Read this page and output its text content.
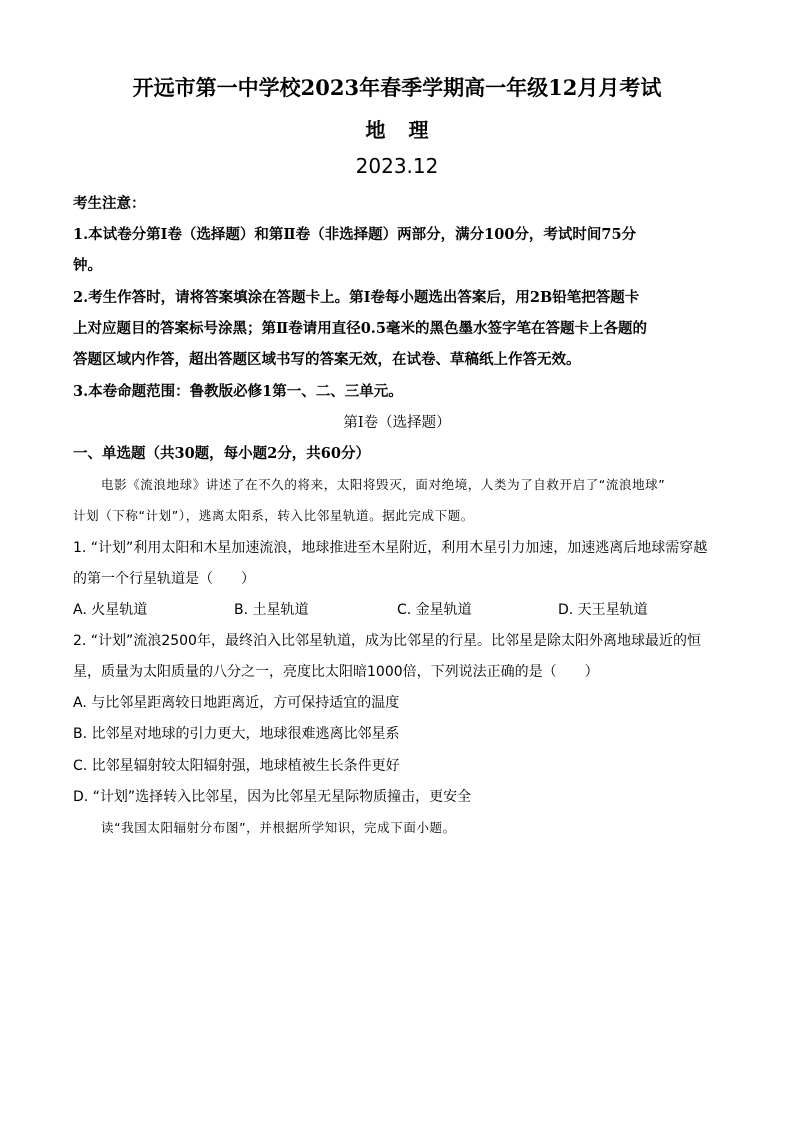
开远市第一中学校2023年春季学期高一年级12月月考试
地 理
2023.12
考生注意：
1.本试卷分第Ⅰ卷（选择题）和第Ⅱ卷（非选择题）两部分，满分100分，考试时间75分
钟。
2.考生作答时，请将答案填涂在答题卡上。第Ⅰ卷每小题选出答案后，用2B铅笔把答题卡
上对应题目的答案标号涂黑；第Ⅱ卷请用直径0.5毫米的黑色墨水签字笔在答题卡上各题的
答题区域内作答，超出答题区域书写的答案无效，在试卷、草稿纸上作答无效。
3.本卷命题范围：鲁教版必修1第一、二、三单元。
第Ⅰ卷（选择题）
一、单选题（共30题，每小题2分，共60分）
电影《流浪地球》讲述了在不久的将来，太阳将毁灭，面对绝境，人类为了自救开启了“流浪地球”
计划（下称“计划”），逃离太阳系，转入比邻星轨道。据此完成下题。
1. “计划”利用太阳和木星加速流浪，地球推进至木星附近，利用木星引力加速，加速逃离后地球需穿越
的第一个行星轨道是（　　）
A. 火星轨道	B. 土星轨道	C. 金星轨道	D. 天王星轨道
2. “计划”流浪2500年，最终泊入比邻星轨道，成为比邻星的行星。比邻星是除太阳外离地球最近的恒
星，质量为太阳质量的八分之一，亮度比太阳暗1000倍，下列说法正确的是（　　）
A. 与比邻星距离较日地距离近，方可保持适宜的温度
B. 比邻星对地球的引力更大，地球很难逃离比邻星系
C. 比邻星辐射较太阳辐射强，地球植被生长条件更好
D. “计划”选择转入比邻星，因为比邻星无星际物质撞击，更安全
读“我国太阳辐射分布图”，并根据所学知识，完成下面小题。
